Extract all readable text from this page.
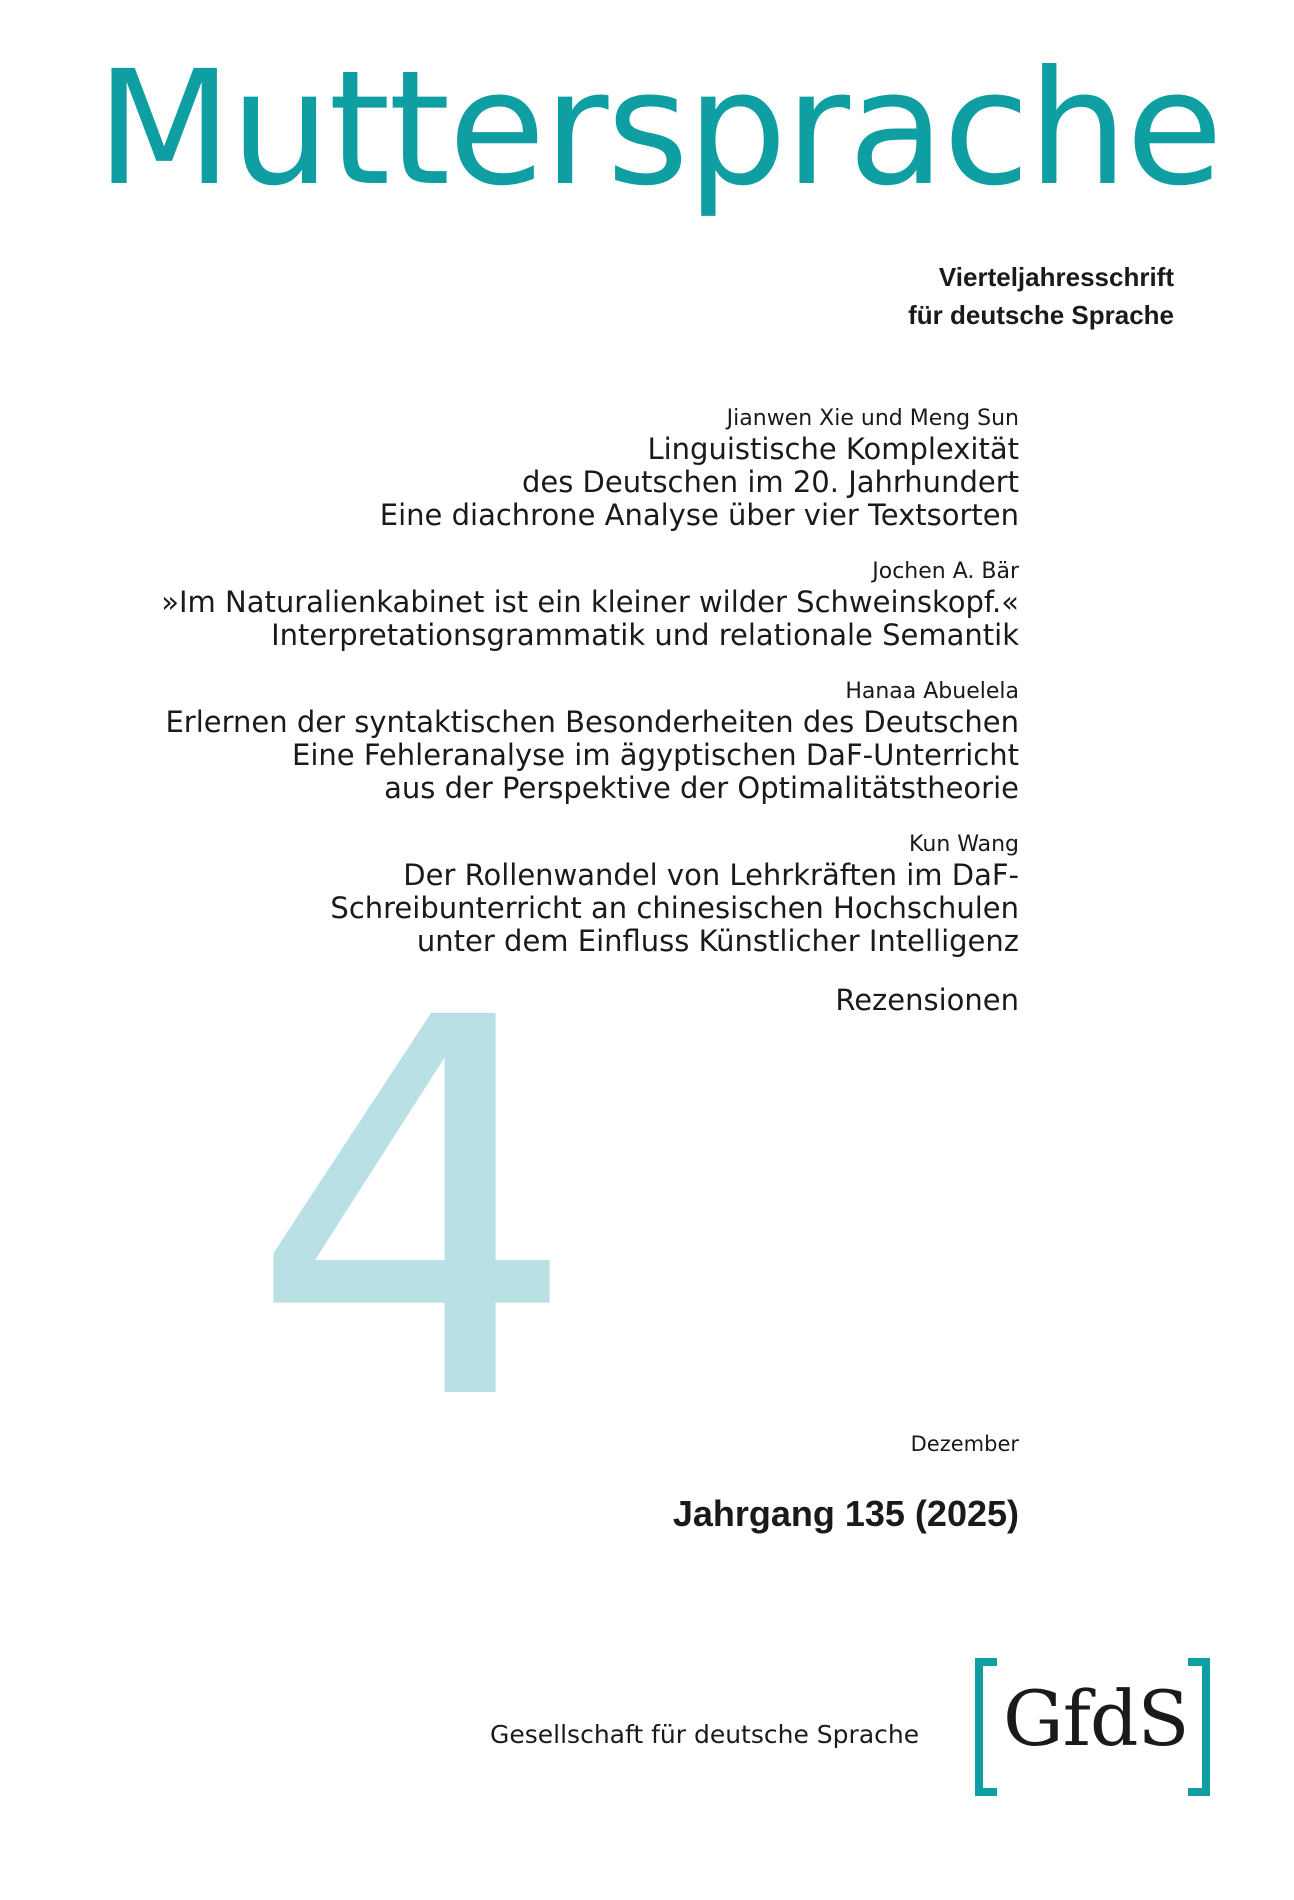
Muttersprache
Vierteljahresschrift
für deutsche Sprache
4
Jianwen Xie und Meng Sun
Linguistische Komplexität
des Deutschen im 20. Jahrhundert
Eine diachrone Analyse über vier Textsorten
Jochen A. Bär
»Im Naturalienkabinet ist ein kleiner wilder Schweinskopf.«
Interpretationsgrammatik und relationale Semantik
Hanaa Abuelela
Erlernen der syntaktischen Besonderheiten des Deutschen
Eine Fehleranalyse im ägyptischen DaF-Unterricht
aus der Perspektive der Optimalitätstheorie
Kun Wang
Der Rollenwandel von Lehrkräften im DaF-
Schreibunterricht an chinesischen Hochschulen
unter dem Einfluss Künstlicher Intelligenz
Rezensionen
Dezember
Jahrgang 135 (2025)
Gesellschaft für deutsche Sprache GfdS
